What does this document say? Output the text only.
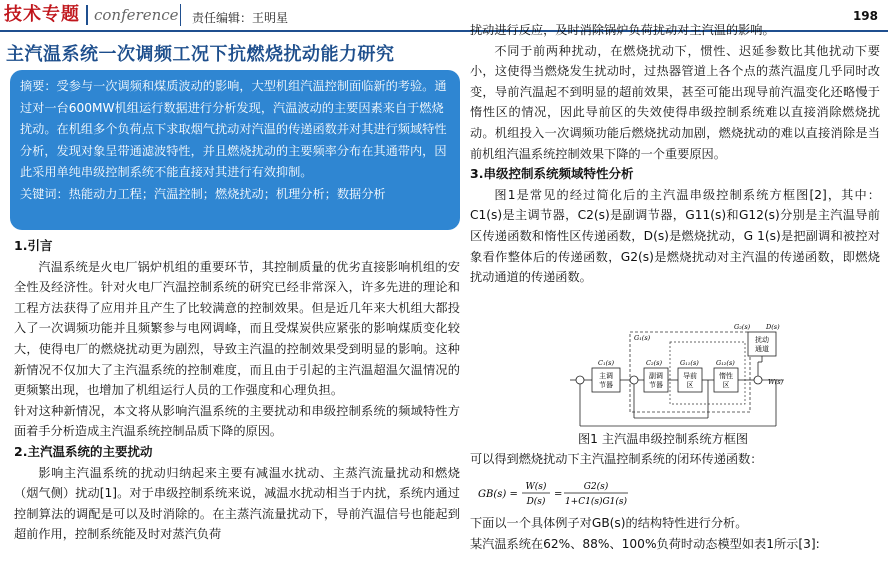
技术专题 conference 责任编辑：王明星	198
主汽温系统一次调频工况下抗燃烧扰动能力研究
摘要：受参与一次调频和煤质波动的影响，大型机组汽温控制面临新的考验。通过对一台600MW机组运行数据进行分析发现，汽温波动的主要因素来自于燃烧扰动。在机组多个负荷点下求取烟气扰动对汽温的传递函数并对其进行频域特性分析，发现对象呈带通滤波特性，并且燃烧扰动的主要频率分布在其通带内，因此采用单纯串级控制系统不能直接对其进行有效抑制。
关键词：热能动力工程；汽温控制；燃烧扰动；机理分析；数据分析
1.引言
汽温系统是火电厂锅炉机组的重要环节，其控制质量的优劣直接影响机组的安全性及经济性。针对火电厂汽温控制系统的研究已经非常深入，许多先进的理论和工程方法获得了应用并且产生了比较满意的控制效果。但是近几年来大机组大都投入了一次调频功能并且频繁参与电网调峰，而且受煤炭供应紧张的影响煤质变化较大，使得电厂的燃烧扰动更为剧烈，导致主汽温的控制效果受到明显的影响。这种新情况不仅加大了主汽温系统的控制难度，而且由于引起的主汽温超温欠温情况的更频繁出现，也增加了机组运行人员的工作强度和心理负担。
针对这种新情况，本文将从影响汽温系统的主要扰动和串级控制系统的频域特性方面着手分析造成主汽温系统控制品质下降的原因。
2.主汽温系统的主要扰动
影响主汽温系统的扰动归纳起来主要有减温水扰动、主蒸汽流量扰动和燃烧（烟气侧）扰动[1]。对于串级控制系统来说，减温水扰动相当于内扰，系统内通过控制算法的调配是可以及时消除的。在主蒸汽流量扰动下，导前汽温信号也能起到超前作用，控制系统能及时对蒸汽负荷
扰动进行反应，及时消除锅炉负荷扰动对主汽温的影响。
不同于前两种扰动，在燃烧扰动下，惯性、迟延参数比其他扰动下要小，这使得当燃烧发生扰动时，过热器管道上各个点的蒸汽温度几乎同时改变，导前汽温起不到明显的超前效果，甚至可能出现导前汽温变化还略慢于惰性区的情况，因此导前区的失效使得串级控制系统难以直接消除燃烧扰动。机组投入一次调频功能后燃烧扰动加剧，燃烧扰动的难以直接消除是当前机组汽温系统控制效果下降的一个重要原因。
3.串级控制系统频域特性分析
图1是常见的经过简化后的主汽温串级控制系统方框图[2]，其中：C1(s)是主调节器，C2(s)是副调节器，G11(s)和G12(s)分别是主汽温导前区传递函数和惰性区传递函数，D(s)是燃烧扰动，G 1(s)是把副调和被控对象看作整体后的传递函数，G2(s)是燃烧扰动对主汽温的传递函数，即燃烧扰动通道的传递函数。
主调
节器
副调
节器
导前
区
惰性
区
扰动
通道
C₁(s)	C₂(s)	G₁₁(s)	G₁₂(s)
G₁(s)
G₂(s) D(s)
W(s)
图1 主汽温串级控制系统方框图
可以得到燃烧扰动下主汽温控制系统的闭环传递函数：
GB(s) =
W(s)
D(s)
=
G2(s)
1+C1(s)G1(s)
下面以一个具体例子对GB(s)的结构特性进行分析。
某汽温系统在62%、88%、100%负荷时动态模型如表1所示[3]:
